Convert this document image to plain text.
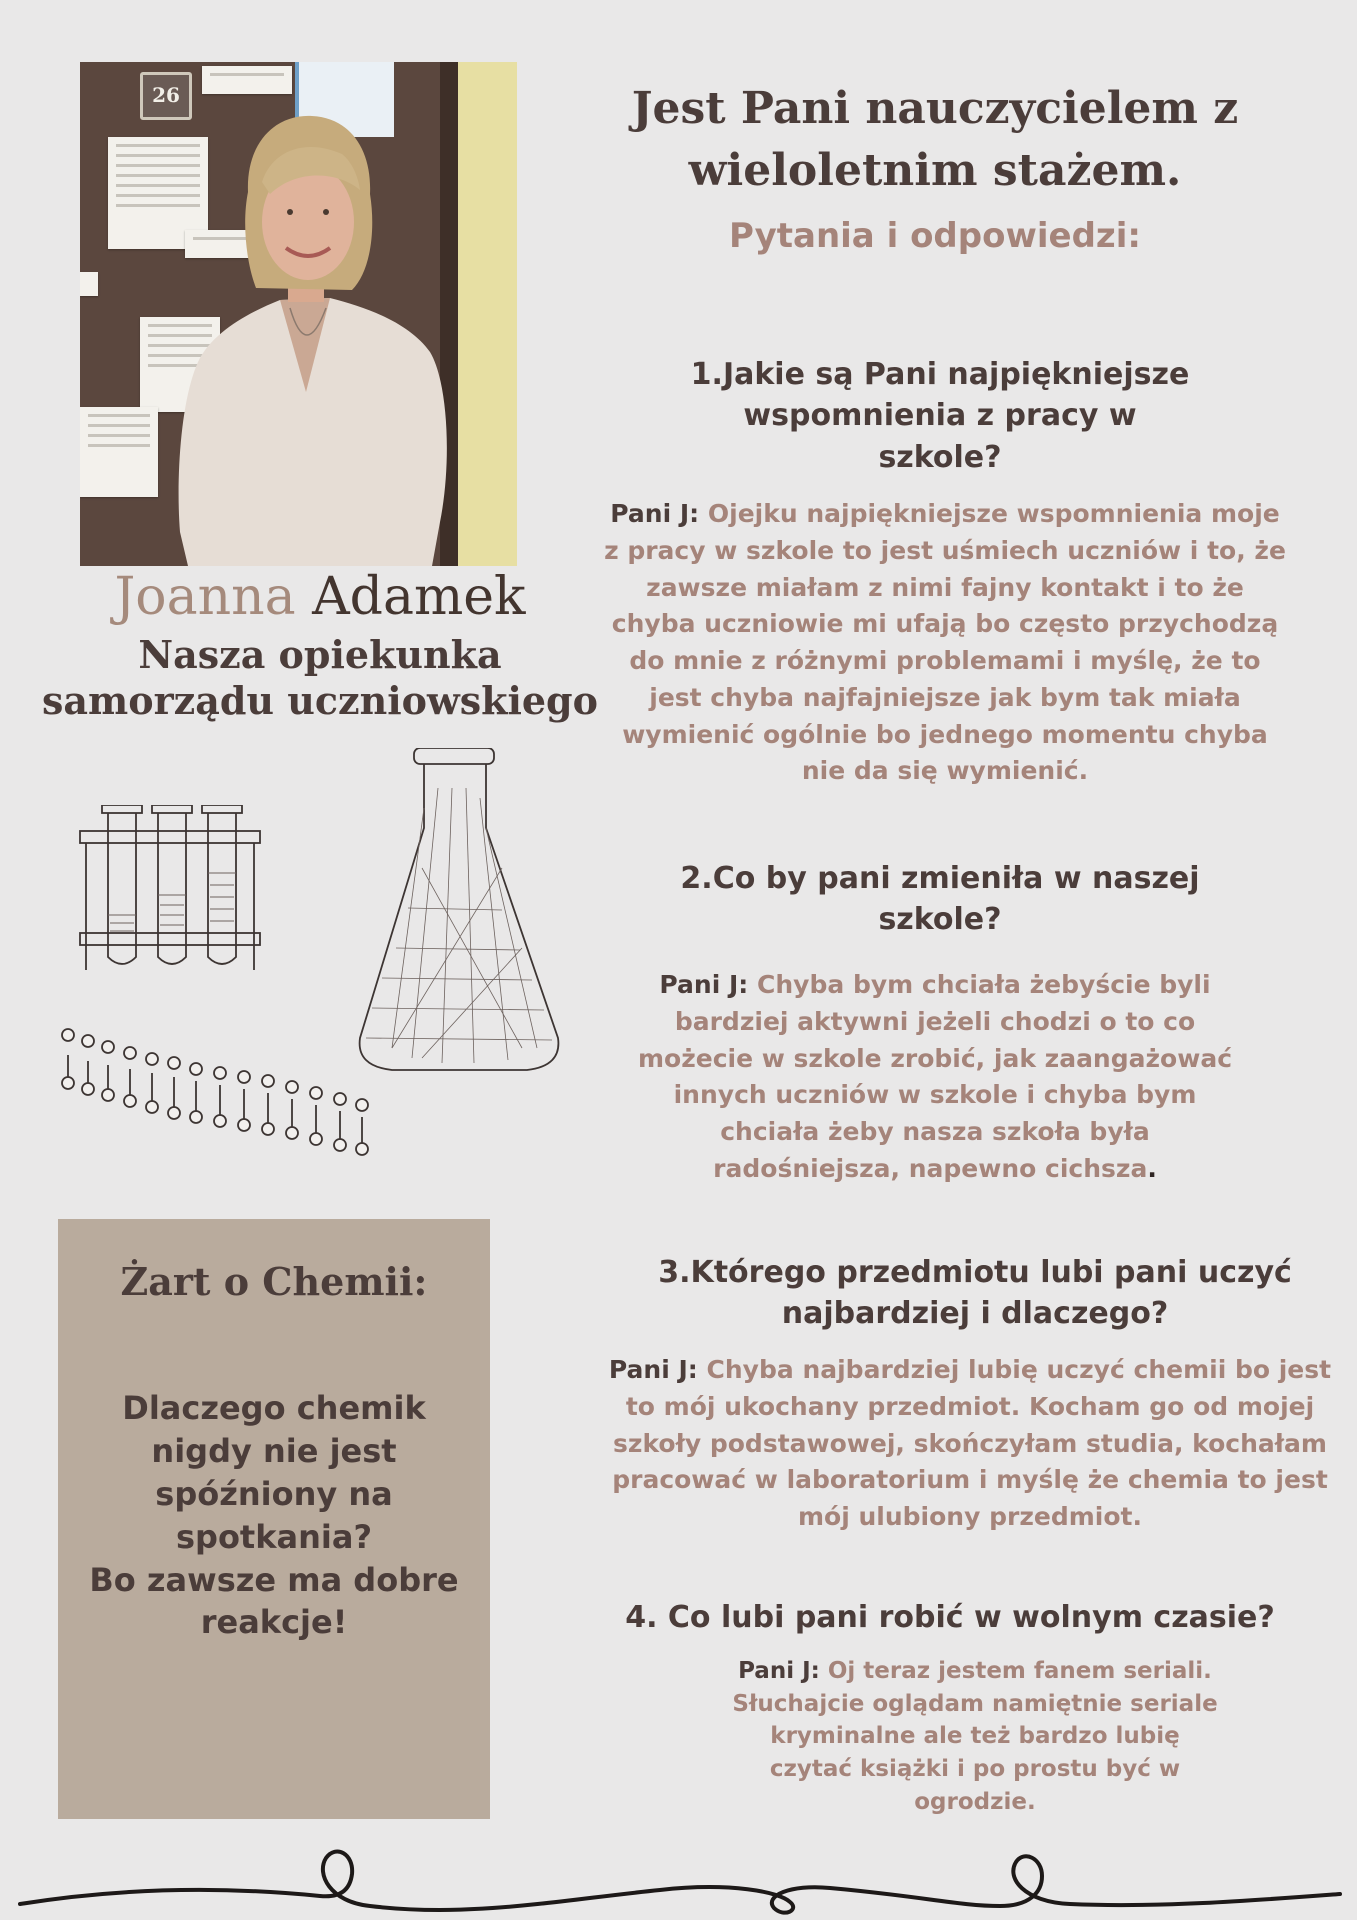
26
Joanna Adamek
Nasza opiekunka samorządu uczniowskiego
Jest Pani nauczycielem z
wieloletnim stażem.
Pytania i odpowiedzi:
1.Jakie są Pani najpiękniejsze
wspomnienia z pracy w
szkole?
Pani J: Ojejku najpiękniejsze wspomnienia moje
z pracy w szkole to jest uśmiech uczniów i to, że
zawsze miałam z nimi fajny kontakt i to że
chyba uczniowie mi ufają bo często przychodzą
do mnie z różnymi problemami i myślę, że to
jest chyba najfajniejsze jak bym tak miała
wymienić ogólnie bo jednego momentu chyba
nie da się wymienić.
2.Co by pani zmieniła w naszej
szkole?
Pani J: Chyba bym chciała żebyście byli
bardziej aktywni jeżeli chodzi o to co
możecie w szkole zrobić, jak zaangażować
innych uczniów w szkole i chyba bym
chciała żeby nasza szkoła była
radośniejsza, napewno cichsza.
3.Którego przedmiotu lubi pani uczyć
najbardziej i dlaczego?
Pani J: Chyba najbardziej lubię uczyć chemii bo jest
to mój ukochany przedmiot. Kocham go od mojej
szkoły podstawowej, skończyłam studia, kochałam
pracować w laboratorium i myślę że chemia to jest
mój ulubiony przedmiot.
4. Co lubi pani robić w wolnym czasie?
Pani J: Oj teraz jestem fanem seriali.
Słuchajcie oglądam namiętnie seriale
kryminalne ale też bardzo lubię
czytać książki i po prostu być w
ogrodzie.
Żart o Chemii:
Dlaczego chemik
nigdy nie jest
spóźniony na
spotkania?
Bo zawsze ma dobre
reakcje!
